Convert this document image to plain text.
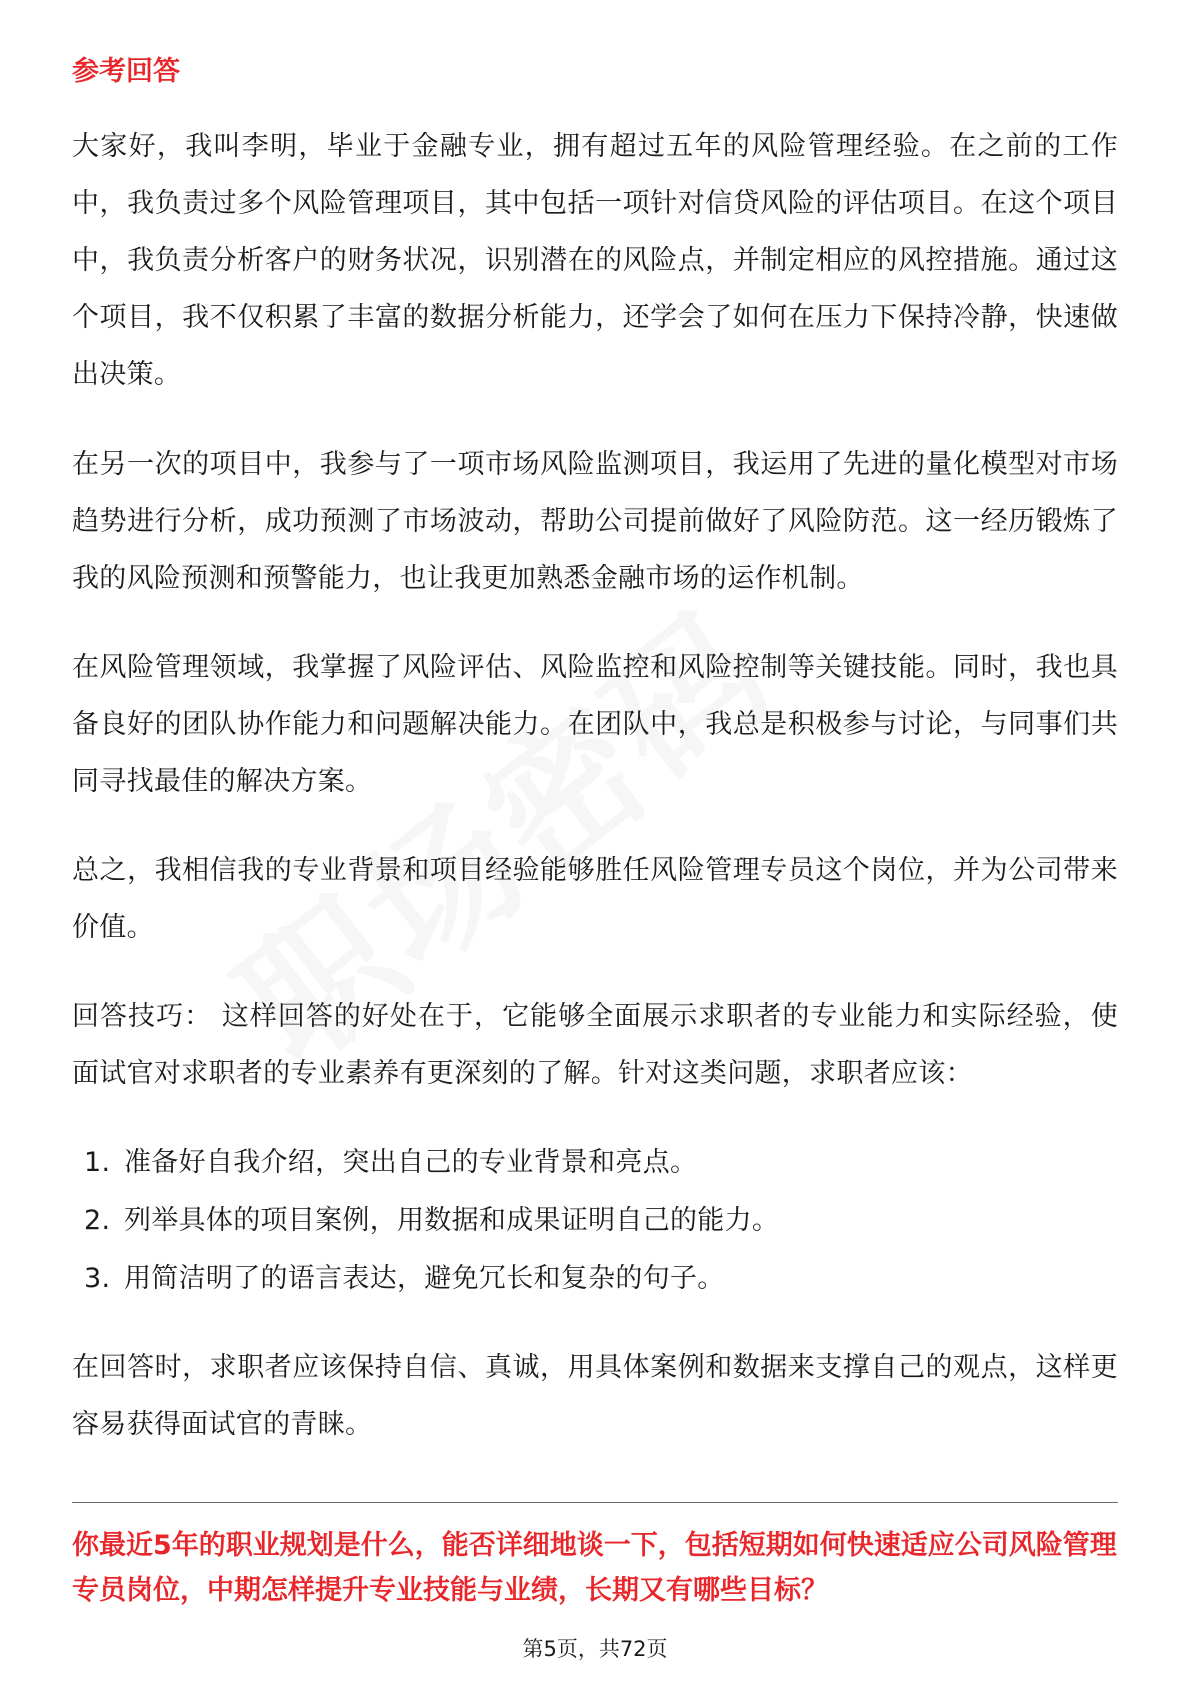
参考回答

大家好，我叫李明，毕业于金融专业，拥有超过五年的风险管理经验。在之前的工作中，我负责过多个风险管理项目，其中包括一项针对信贷风险的评估项目。在这个项目中，我负责分析客户的财务状况，识别潜在的风险点，并制定相应的风控措施。通过这个项目，我不仅积累了丰富的数据分析能力，还学会了如何在压力下保持冷静，快速做出决策。

在另一次的项目中，我参与了一项市场风险监测项目，我运用了先进的量化模型对市场趋势进行分析，成功预测了市场波动，帮助公司提前做好了风险防范。这一经历锻炼了我的风险预测和预警能力，也让我更加熟悉金融市场的运作机制。

在风险管理领域，我掌握了风险评估、风险监控和风险控制等关键技能。同时，我也具备良好的团队协作能力和问题解决能力。在团队中，我总是积极参与讨论，与同事们共同寻找最佳的解决方案。

总之，我相信我的专业背景和项目经验能够胜任风险管理专员这个岗位，并为公司带来价值。

回答技巧： 这样回答的好处在于，它能够全面展示求职者的专业能力和实际经验，使面试官对求职者的专业素养有更深刻的了解。针对这类问题，求职者应该：

1. 准备好自我介绍，突出自己的专业背景和亮点。
2. 列举具体的项目案例，用数据和成果证明自己的能力。
3. 用简洁明了的语言表达，避免冗长和复杂的句子。

在回答时，求职者应该保持自信、真诚，用具体案例和数据来支撑自己的观点，这样更容易获得面试官的青睐。

你最近5年的职业规划是什么，能否详细地谈一下，包括短期如何快速适应公司风险管理专员岗位，中期怎样提升专业技能与业绩，长期又有哪些目标？

第5页，共72页
